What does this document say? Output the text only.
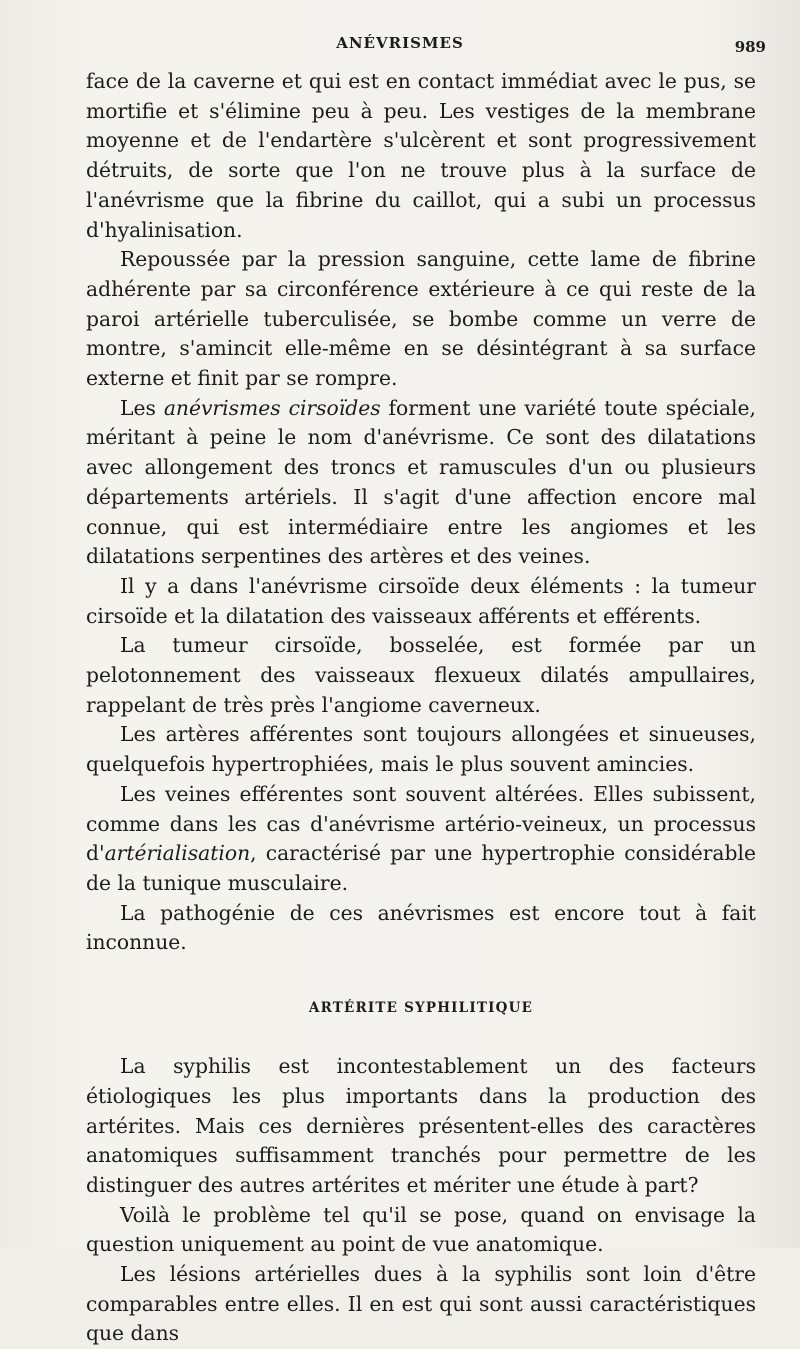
ANÉVRISMES	989

face de la caverne et qui est en contact immédiat avec le pus, se mortifie et s'élimine peu à peu. Les vestiges de la membrane moyenne et de l'endartère s'ulcèrent et sont progressivement détruits, de sorte que l'on ne trouve plus à la surface de l'anévrisme que la fibrine du caillot, qui a subi un processus d'hyalinisation.

Repoussée par la pression sanguine, cette lame de fibrine adhérente par sa circonférence extérieure à ce qui reste de la paroi artérielle tuberculisée, se bombe comme un verre de montre, s'amincit elle-même en se désintégrant à sa surface externe et finit par se rompre.

Les anévrismes cirsoïdes forment une variété toute spéciale, méritant à peine le nom d'anévrisme. Ce sont des dilatations avec allongement des troncs et ramuscules d'un ou plusieurs départements artériels. Il s'agit d'une affection encore mal connue, qui est intermédiaire entre les angiomes et les dilatations serpentines des artères et des veines.

Il y a dans l'anévrisme cirsoïde deux éléments : la tumeur cirsoïde et la dilatation des vaisseaux afférents et efférents.

La tumeur cirsoïde, bosselée, est formée par un pelotonnement des vaisseaux flexueux dilatés ampullaires, rappelant de très près l'angiome caverneux.

Les artères afférentes sont toujours allongées et sinueuses, quelquefois hypertrophiées, mais le plus souvent amincies.

Les veines efférentes sont souvent altérées. Elles subissent, comme dans les cas d'anévrisme artério-veineux, un processus d'artérialisation, caractérisé par une hypertrophie considérable de la tunique musculaire.

La pathogénie de ces anévrismes est encore tout à fait inconnue.

ARTÉRITE SYPHILITIQUE

La syphilis est incontestablement un des facteurs étiologiques les plus importants dans la production des artérites. Mais ces dernières présentent-elles des caractères anatomiques suffisamment tranchés pour permettre de les distinguer des autres artérites et mériter une étude à part?

Voilà le problème tel qu'il se pose, quand on envisage la question uniquement au point de vue anatomique.

Les lésions artérielles dues à la syphilis sont loin d'être comparables entre elles. Il en est qui sont aussi caractéristiques que dans
